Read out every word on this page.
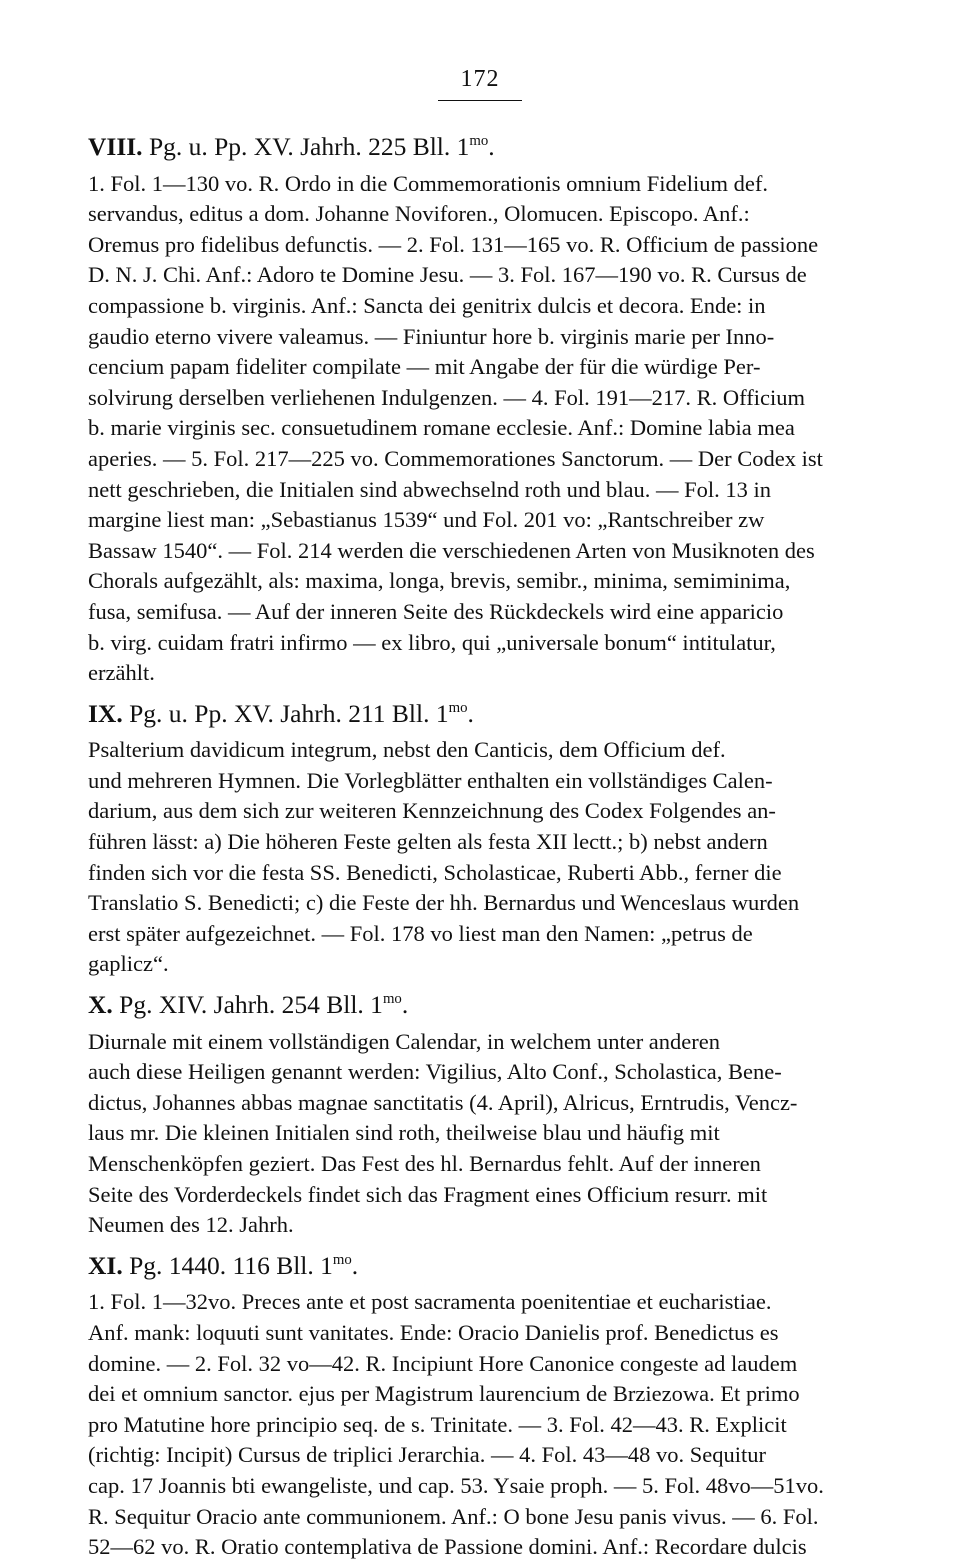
172
VIII. Pg. u. Pp. XV. Jahrh. 225 Bll. $1^{mo}$.
1. Fol. 1—130 vo. R. Ordo in die Commemorationis omnium Fidelium def.
servandus, editus a dom. Johanne Noviforen., Olomucen. Episcopo. Anf.:
Oremus pro fidelibus defunctis. — 2. Fol. 131—165 vo. R. Officium de passione
D. N. J. Chi. Anf.: Adoro te Domine Jesu. — 3. Fol. 167—190 vo. R. Cursus de
compassione b. virginis. Anf.: Sancta dei genitrix dulcis et decora. Ende: in
gaudio eterno vivere valeamus. — Finiuntur hore b. virginis marie per Inno-
cencium papam fideliter compilate — mit Angabe der für die würdige Per-
solvirung derselben verliehenen Indulgenzen. — 4. Fol. 191—217. R. Officium
b. marie virginis sec. consuetudinem romane ecclesie. Anf.: Domine labia mea
aperies. — 5. Fol. 217—225 vo. Commemorationes Sanctorum. — Der Codex ist
nett geschrieben, die Initialen sind abwechselnd roth und blau. — Fol. 13 in
margine liest man: „Sebastianus 1539“ und Fol. 201 vo: „Rantschreiber zw
Bassaw 1540“. — Fol. 214 werden die verschiedenen Arten von Musiknoten des
Chorals aufgezählt, als: maxima, longa, brevis, semibr., minima, semiminima,
fusa, semifusa. — Auf der inneren Seite des Rückdeckels wird eine apparicio
b. virg. cuidam fratri infirmo — ex libro, qui „universale bonum“ intitulatur,
erzählt.
IX. Pg. u. Pp. XV. Jahrh. 211 Bll. $1^{mo}$.
Psalterium davidicum integrum, nebst den Canticis, dem Officium def.
und mehreren Hymnen. Die Vorlegblätter enthalten ein vollständiges Calen-
darium, aus dem sich zur weiteren Kennzeichnung des Codex Folgendes an-
führen lässt: a) Die höheren Feste gelten als festa XII lectt.; b) nebst andern
finden sich vor die festa SS. Benedicti, Scholasticae, Ruberti Abb., ferner die
Translatio S. Benedicti; c) die Feste der hh. Bernardus und Wenceslaus wurden
erst später aufgezeichnet. — Fol. 178 vo liest man den Namen: „petrus de
gaplicz“.
X. Pg. XIV. Jahrh. 254 Bll. $1^{mo}$.
Diurnale mit einem vollständigen Calendar, in welchem unter anderen
auch diese Heiligen genannt werden: Vigilius, Alto Conf., Scholastica, Bene-
dictus, Johannes abbas magnae sanctitatis (4. April), Alricus, Erntrudis, Vencz-
laus mr. Die kleinen Initialen sind roth, theilweise blau und häufig mit
Menschenköpfen geziert. Das Fest des hl. Bernardus fehlt. Auf der inneren
Seite des Vorderdeckels findet sich das Fragment eines Officium resurr. mit
Neumen des 12. Jahrh.
XI. Pg. 1440. 116 Bll. $1^{mo}$.
1. Fol. 1—32vo. Preces ante et post sacramenta poenitentiae et eucharistiae.
Anf. mank: loquuti sunt vanitates. Ende: Oracio Danielis prof. Benedictus es
domine. — 2. Fol. 32 vo—42. R. Incipiunt Hore Canonice congeste ad laudem
dei et omnium sanctor. ejus per Magistrum laurencium de Brziezowa. Et primo
pro Matutine hore principio seq. de s. Trinitate. — 3. Fol. 42—43. R. Explicit
(richtig: Incipit) Cursus de triplici Jerarchia. — 4. Fol. 43—48 vo. Sequitur
cap. 17 Joannis bti ewangeliste, und cap. 53. Ysaie proph. — 5. Fol. 48vo—51vo.
R. Sequitur Oracio ante communionem. Anf.: O bone Jesu panis vivus. — 6. Fol.
52—62 vo. R. Oratio contemplativa de Passione domini. Anf.: Recordare dulcis
